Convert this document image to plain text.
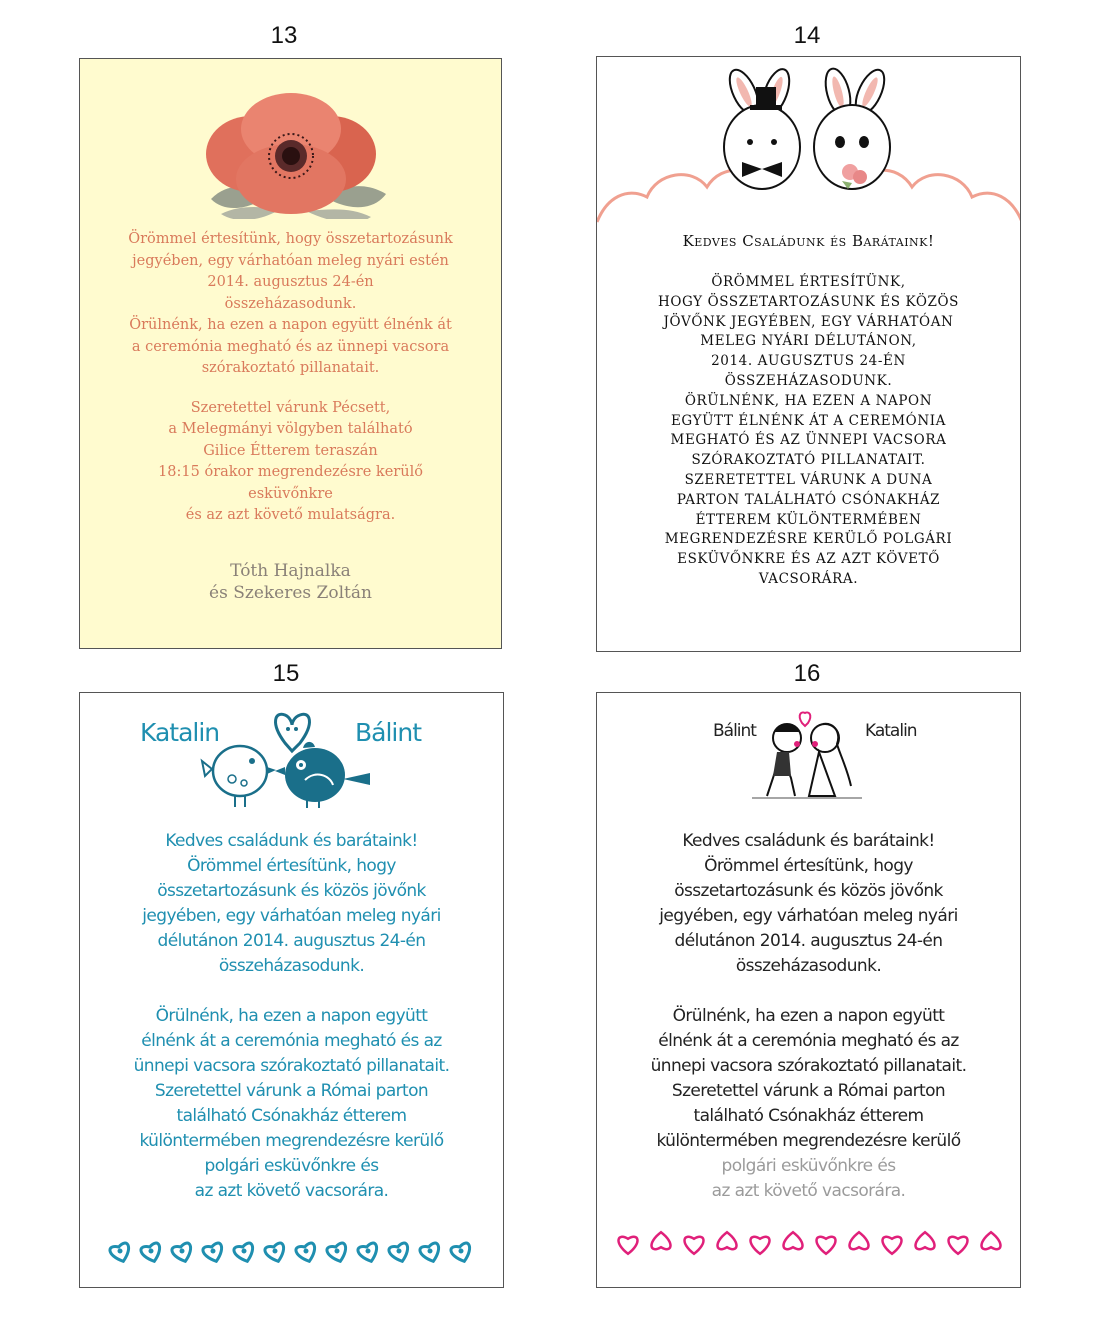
13	14
15	16
Örömmel értesítünk, hogy összetartozásunk
jegyében, egy várhatóan meleg nyári estén
2014. augusztus 24-én
összeházasodunk.
Örülnénk, ha ezen a napon együtt élnénk át
a ceremónia megható és az ünnepi vacsora
szórakoztató pillanatait.
Szeretettel várunk Pécsett,
a Melegmányi völgyben található
Gilice Étterem teraszán
18:15 órakor megrendezésre kerülő
esküvőnkre
és az azt követő mulatságra.
Tóth Hajnalka
és Szekeres Zoltán
Kedves Családunk és Barátaink!
ÖRÖMMEL ÉRTESÍTÜNK,
HOGY ÖSSZETARTOZÁSUNK ÉS KÖZÖS
JÖVŐNK JEGYÉBEN, EGY VÁRHATÓAN
MELEG NYÁRI DÉLUTÁNON,
2014. AUGUSZTUS 24-ÉN
ÖSSZEHÁZASODUNK.
ÖRÜLNÉNK, HA EZEN A NAPON
EGYÜTT ÉLNÉNK ÁT A CEREMÓNIA
MEGHATÓ ÉS AZ ÜNNEPI VACSORA
SZÓRAKOZTATÓ PILLANATAIT.
SZERETETTEL VÁRUNK A DUNA
PARTON TALÁLHATÓ CSÓNAKHÁZ
ÉTTEREM KÜLÖNTERMÉBEN
MEGRENDEZÉSRE KERÜLŐ POLGÁRI
ESKÜVŐNKRE ÉS AZ AZT KÖVETŐ
VACSORÁRA.
Katalin	Bálint
Kedves családunk és barátaink!
Örömmel értesítünk, hogy
összetartozásunk és közös jövőnk
jegyében, egy várhatóan meleg nyári
délutánon 2014. augusztus 24-én
összeházasodunk.
Örülnénk, ha ezen a napon együtt
élnénk át a ceremónia megható és az
ünnepi vacsora szórakoztató pillanatait.
Szeretettel várunk a Római parton
található Csónakház étterem
különtermében megrendezésre kerülő
polgári esküvőnkre és
az azt követő vacsorára.
Bálint	Katalin
Kedves családunk és barátaink!
Örömmel értesítünk, hogy
összetartozásunk és közös jövőnk
jegyében, egy várhatóan meleg nyári
délutánon 2014. augusztus 24-én
összeházasodunk.
Örülnénk, ha ezen a napon együtt
élnénk át a ceremónia megható és az
ünnepi vacsora szórakoztató pillanatait.
Szeretettel várunk a Római parton
található Csónakház étterem
különtermében megrendezésre kerülő
polgári esküvőnkre és
az azt követő vacsorára.
